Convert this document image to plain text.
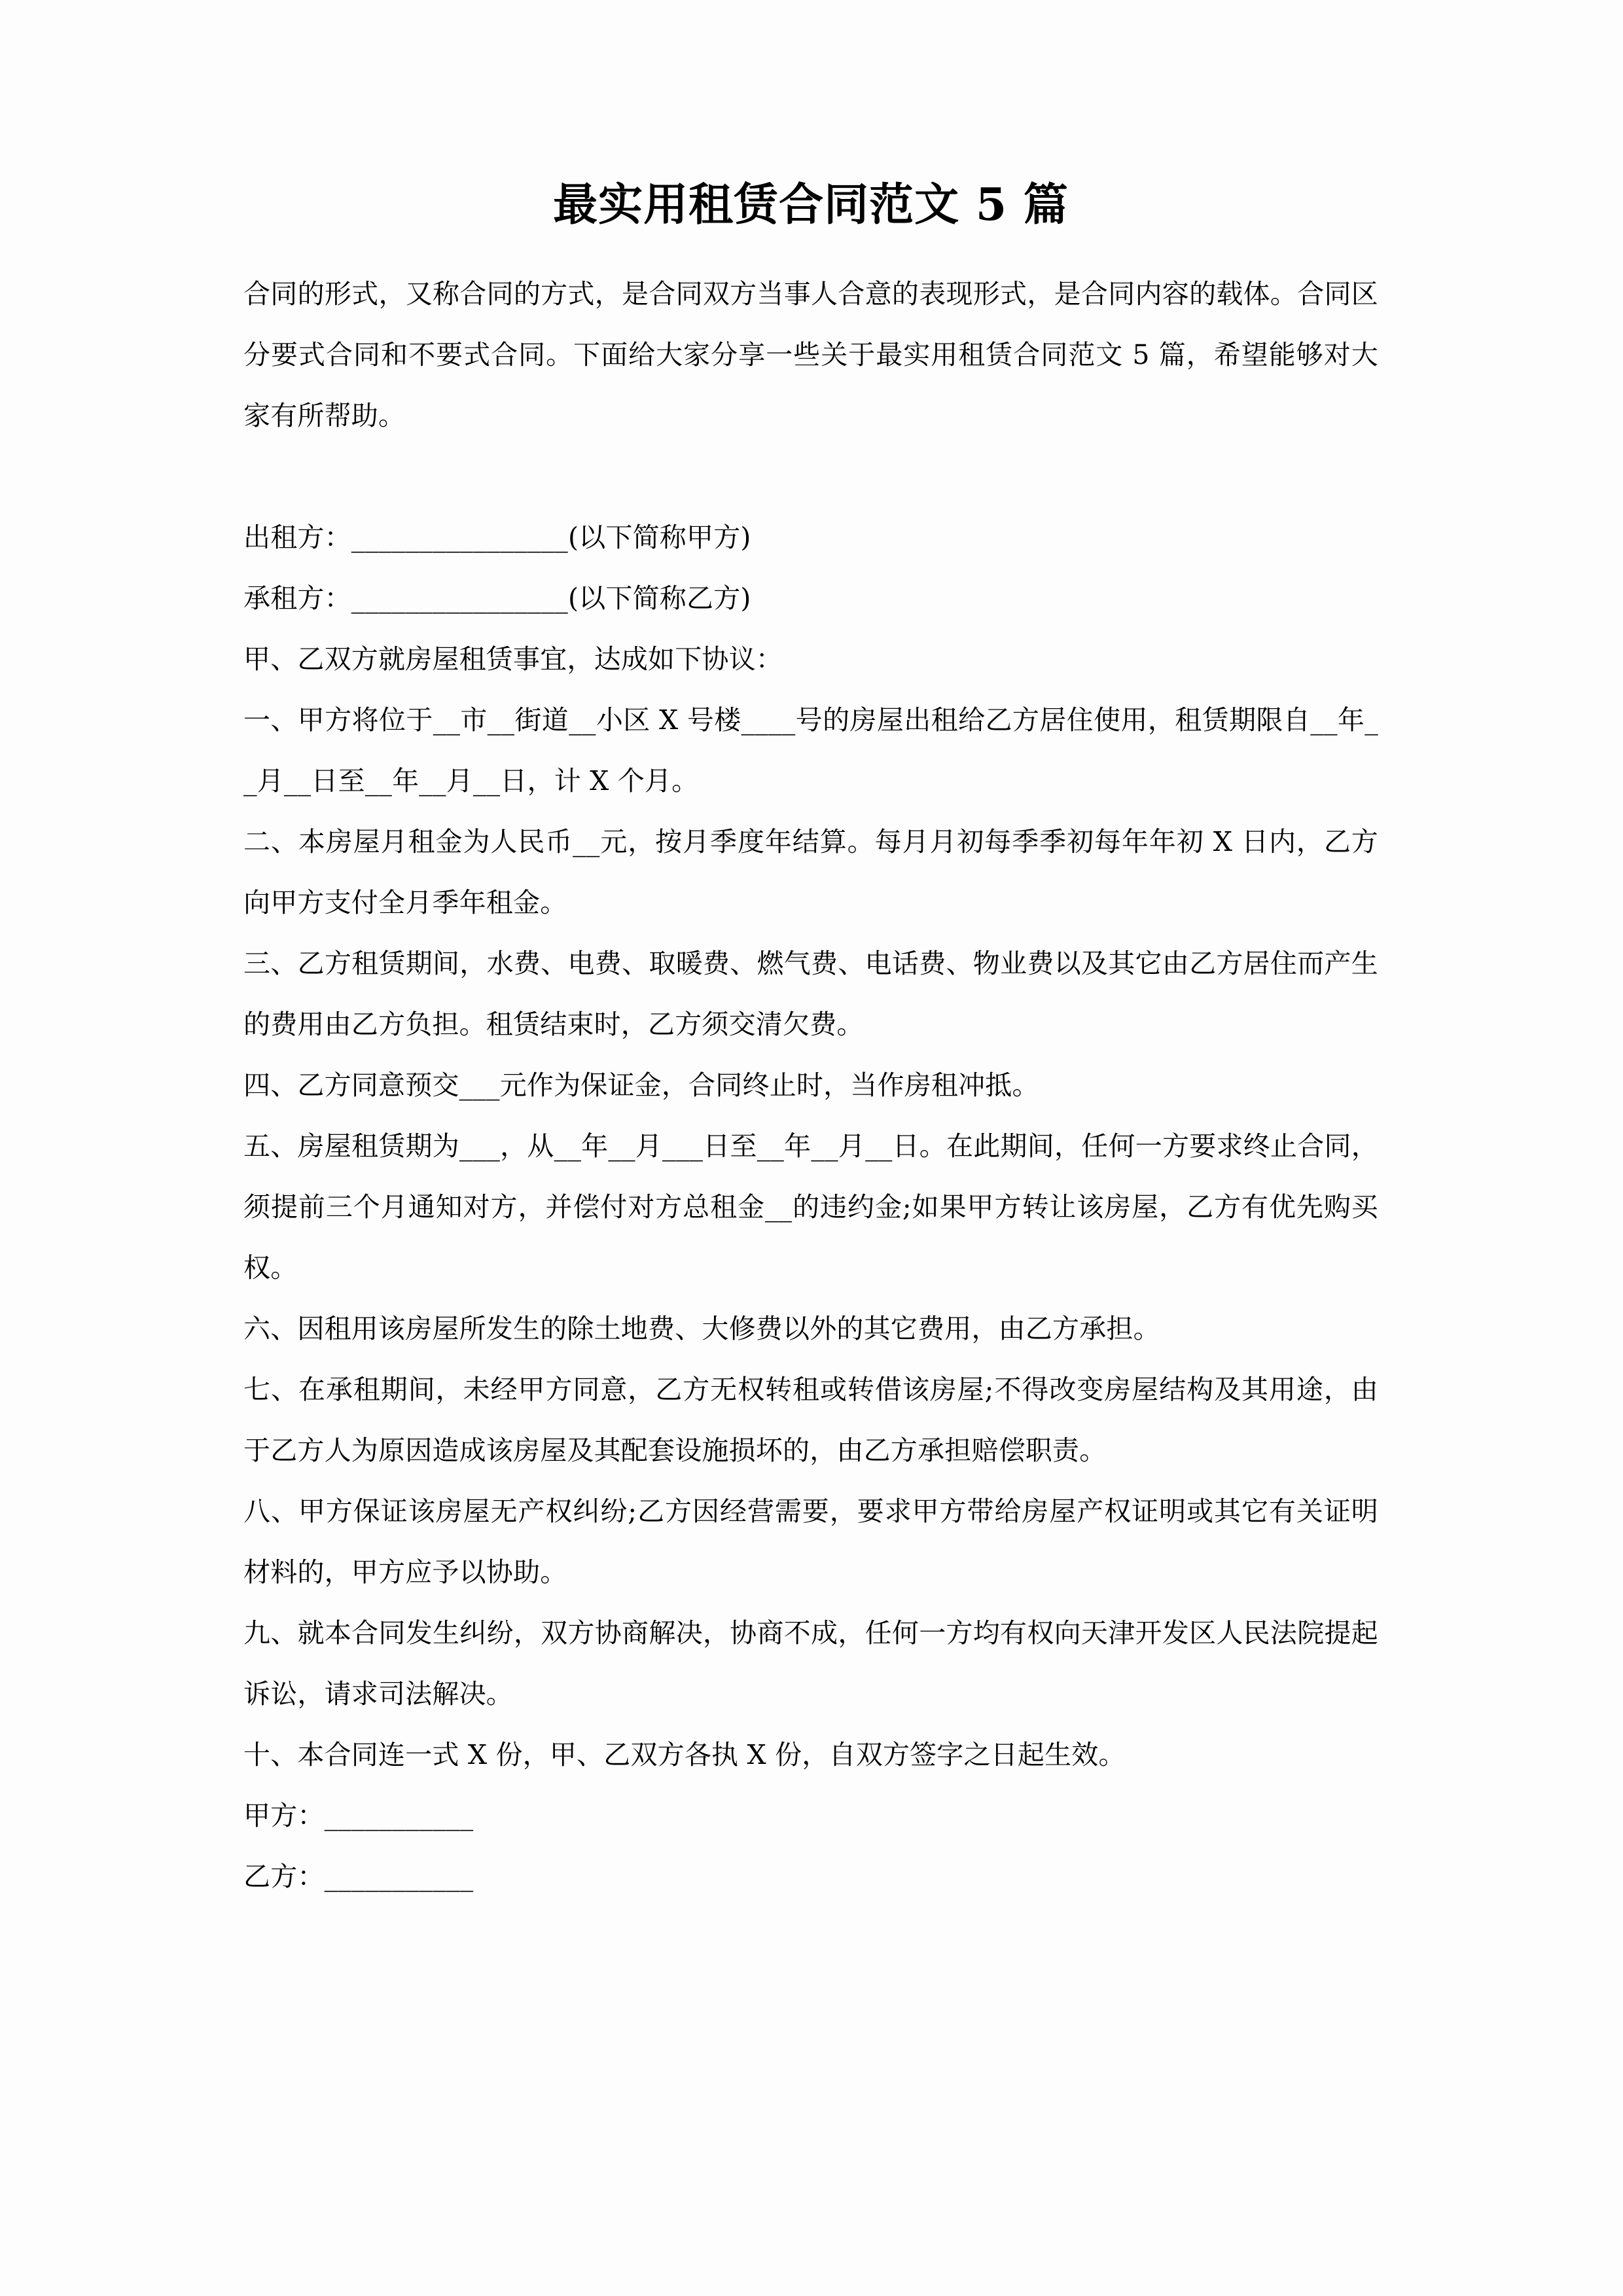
最实用租赁合同范文 5 篇

合同的形式，又称合同的方式，是合同双方当事人合意的表现形式，是合同内容的载体。合同区分要式合同和不要式合同。下面给大家分享一些关于最实用租赁合同范文 5 篇，希望能够对大家有所帮助。

出租方：________________(以下简称甲方)

承租方：________________(以下简称乙方)

甲、乙双方就房屋租赁事宜，达成如下协议：

一、甲方将位于__市__街道__小区 X 号楼____号的房屋出租给乙方居住使用，租赁期限自__年__月__日至__年__月__日，计 X 个月。

二、本房屋月租金为人民币__元，按月季度年结算。每月月初每季季初每年年初 X 日内，乙方向甲方支付全月季年租金。

三、乙方租赁期间，水费、电费、取暖费、燃气费、电话费、物业费以及其它由乙方居住而产生的费用由乙方负担。租赁结束时，乙方须交清欠费。

四、乙方同意预交___元作为保证金，合同终止时，当作房租冲抵。

五、房屋租赁期为___，从__年__月___日至__年__月__日。在此期间，任何一方要求终止合同，须提前三个月通知对方，并偿付对方总租金__的违约金;如果甲方转让该房屋，乙方有优先购买权。

六、因租用该房屋所发生的除土地费、大修费以外的其它费用，由乙方承担。

七、在承租期间，未经甲方同意，乙方无权转租或转借该房屋;不得改变房屋结构及其用途，由于乙方人为原因造成该房屋及其配套设施损坏的，由乙方承担赔偿职责。

八、甲方保证该房屋无产权纠纷;乙方因经营需要，要求甲方带给房屋产权证明或其它有关证明材料的，甲方应予以协助。

九、就本合同发生纠纷，双方协商解决，协商不成，任何一方均有权向天津开发区人民法院提起诉讼，请求司法解决。

十、本合同连一式 X 份，甲、乙双方各执 X 份，自双方签字之日起生效。

甲方：___________

乙方：___________
